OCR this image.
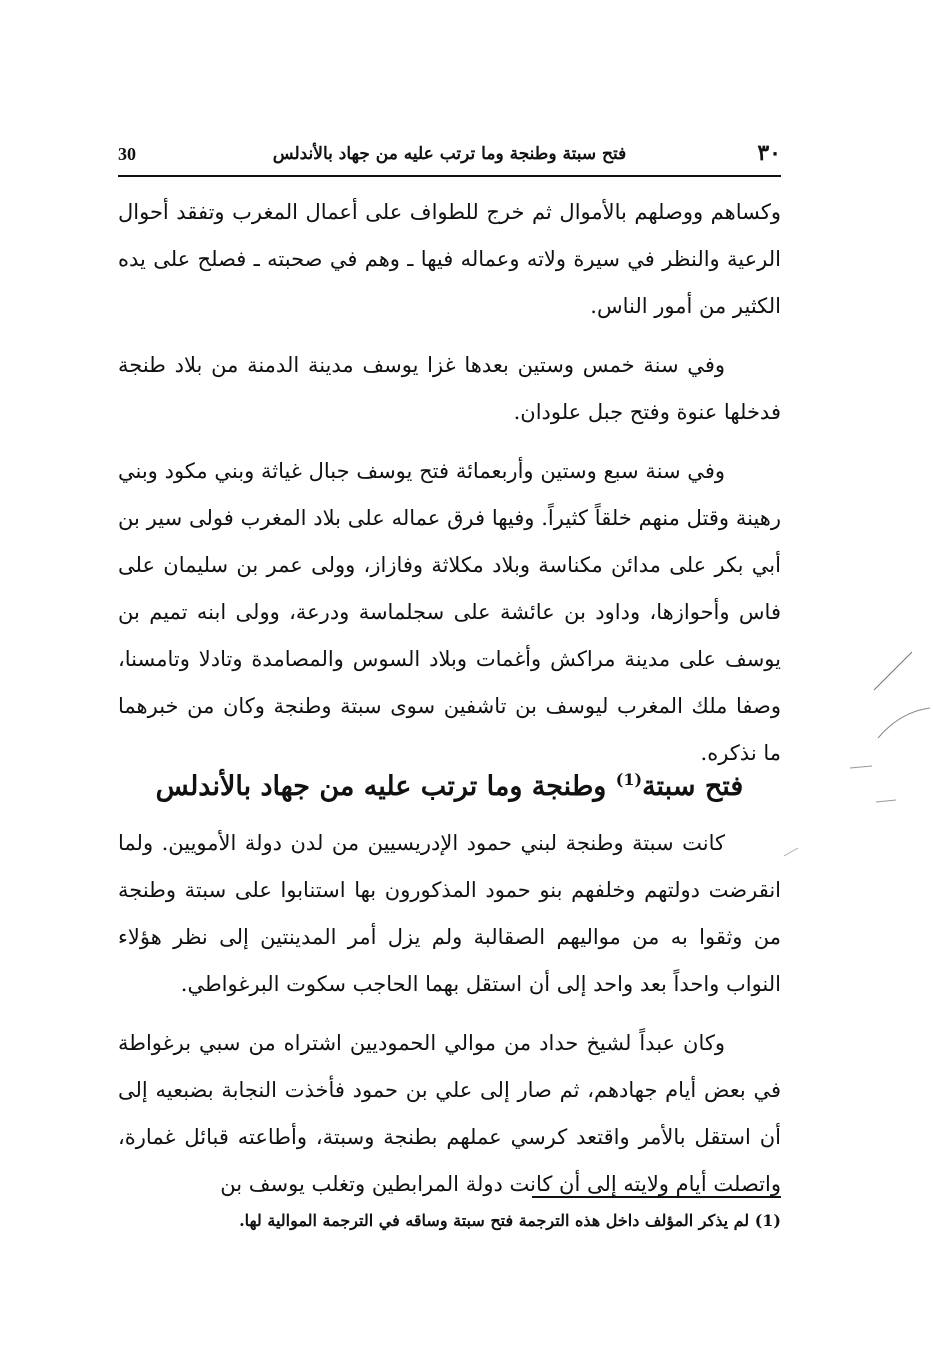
٣٠
فتح سبتة وطنجة وما ترتب عليه من جهاد بالأندلس
30

وكساهم ووصلهم بالأموال ثم خرج للطواف على أعمال المغرب وتفقد أحوال الرعية والنظر في سيرة ولاته وعماله فيها ـ وهم في صحبته ـ فصلح على يده الكثير من أمور الناس.

وفي سنة خمس وستين بعدها غزا يوسف مدينة الدمنة من بلاد طنجة فدخلها عنوة وفتح جبل علودان.

وفي سنة سبع وستين وأربعمائة فتح يوسف جبال غياثة وبني مكود وبني رهينة وقتل منهم خلقاً كثيراً. وفيها فرق عماله على بلاد المغرب فولى سير بن أبي بكر على مدائن مكناسة وبلاد مكلاثة وفازاز، وولى عمر بن سليمان على فاس وأحوازها، وداود بن عائشة على سجلماسة ودرعة، وولى ابنه تميم بن يوسف على مدينة مراكش وأغمات وبلاد السوس والمصامدة وتادلا وتامسنا، وصفا ملك المغرب ليوسف بن تاشفين سوى سبتة وطنجة وكان من خبرهما ما نذكره.

فتح سبتة$^{(1)}$ وطنجة وما ترتب عليه من جهاد بالأندلس

كانت سبتة وطنجة لبني حمود الإدريسيين من لدن دولة الأمويين. ولما انقرضت دولتهم وخلفهم بنو حمود المذكورون بها استنابوا على سبتة وطنجة من وثقوا به من مواليهم الصقالبة ولم يزل أمر المدينتين إلى نظر هؤلاء النواب واحداً بعد واحد إلى أن استقل بهما الحاجب سكوت البرغواطي.

وكان عبداً لشيخ حداد من موالي الحموديين اشتراه من سبي برغواطة في بعض أيام جهادهم، ثم صار إلى علي بن حمود فأخذت النجابة بضبعيه إلى أن استقل بالأمر واقتعد كرسي عملهم بطنجة وسبتة، وأطاعته قبائل غمارة، واتصلت أيام ولايته إلى أن كانت دولة المرابطين وتغلب يوسف بن

(1) لم يذكر المؤلف داخل هذه الترجمة فتح سبتة وساقه في الترجمة الموالية لها.
